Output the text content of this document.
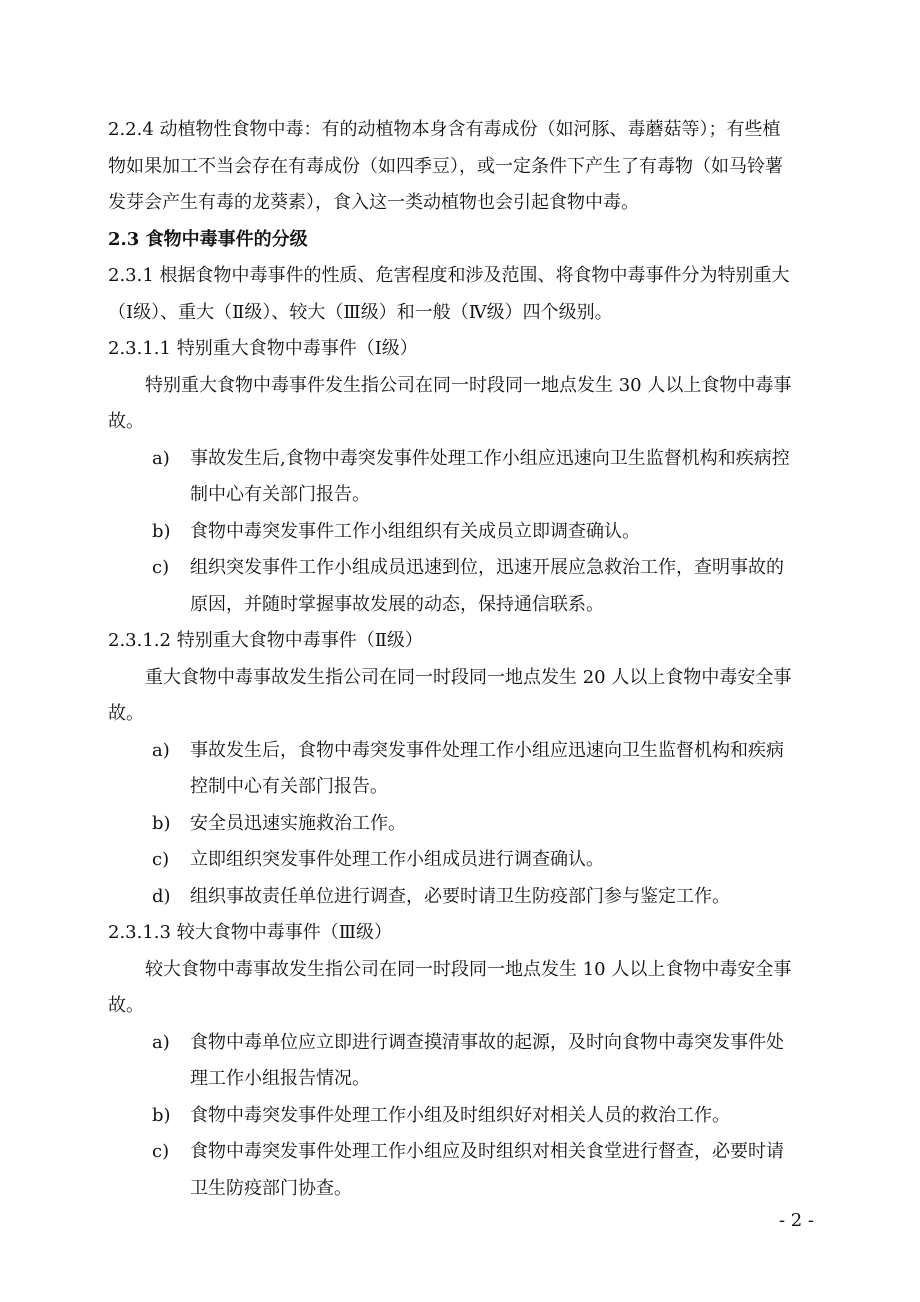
2.2.4 动植物性食物中毒：有的动植物本身含有毒成份（如河豚、毒蘑菇等）；有些植
物如果加工不当会存在有毒成份（如四季豆），或一定条件下产生了有毒物（如马铃薯
发芽会产生有毒的龙葵素），食入这一类动植物也会引起食物中毒。
2.3 食物中毒事件的分级
2.3.1 根据食物中毒事件的性质、危害程度和涉及范围、将食物中毒事件分为特别重大
（Ⅰ级）、重大（Ⅱ级）、较大（Ⅲ级）和一般（Ⅳ级）四个级别。
2.3.1.1 特别重大食物中毒事件（Ⅰ级）
特别重大食物中毒事件发生指公司在同一时段同一地点发生 30 人以上食物中毒事
故。
a) 事故发生后,食物中毒突发事件处理工作小组应迅速向卫生监督机构和疾病控
制中心有关部门报告。
b) 食物中毒突发事件工作小组组织有关成员立即调查确认。
c) 组织突发事件工作小组成员迅速到位，迅速开展应急救治工作，查明事故的
原因，并随时掌握事故发展的动态，保持通信联系。
2.3.1.2 特别重大食物中毒事件（Ⅱ级）
重大食物中毒事故发生指公司在同一时段同一地点发生 20 人以上食物中毒安全事
故。
a) 事故发生后，食物中毒突发事件处理工作小组应迅速向卫生监督机构和疾病
控制中心有关部门报告。
b) 安全员迅速实施救治工作。
c) 立即组织突发事件处理工作小组成员进行调查确认。
d) 组织事故责任单位进行调查，必要时请卫生防疫部门参与鉴定工作。
2.3.1.3 较大食物中毒事件（Ⅲ级）
较大食物中毒事故发生指公司在同一时段同一地点发生 10 人以上食物中毒安全事
故。
a) 食物中毒单位应立即进行调查摸清事故的起源，及时向食物中毒突发事件处
理工作小组报告情况。
b) 食物中毒突发事件处理工作小组及时组织好对相关人员的救治工作。
c) 食物中毒突发事件处理工作小组应及时组织对相关食堂进行督查，必要时请
卫生防疫部门协查。
- 2 -
